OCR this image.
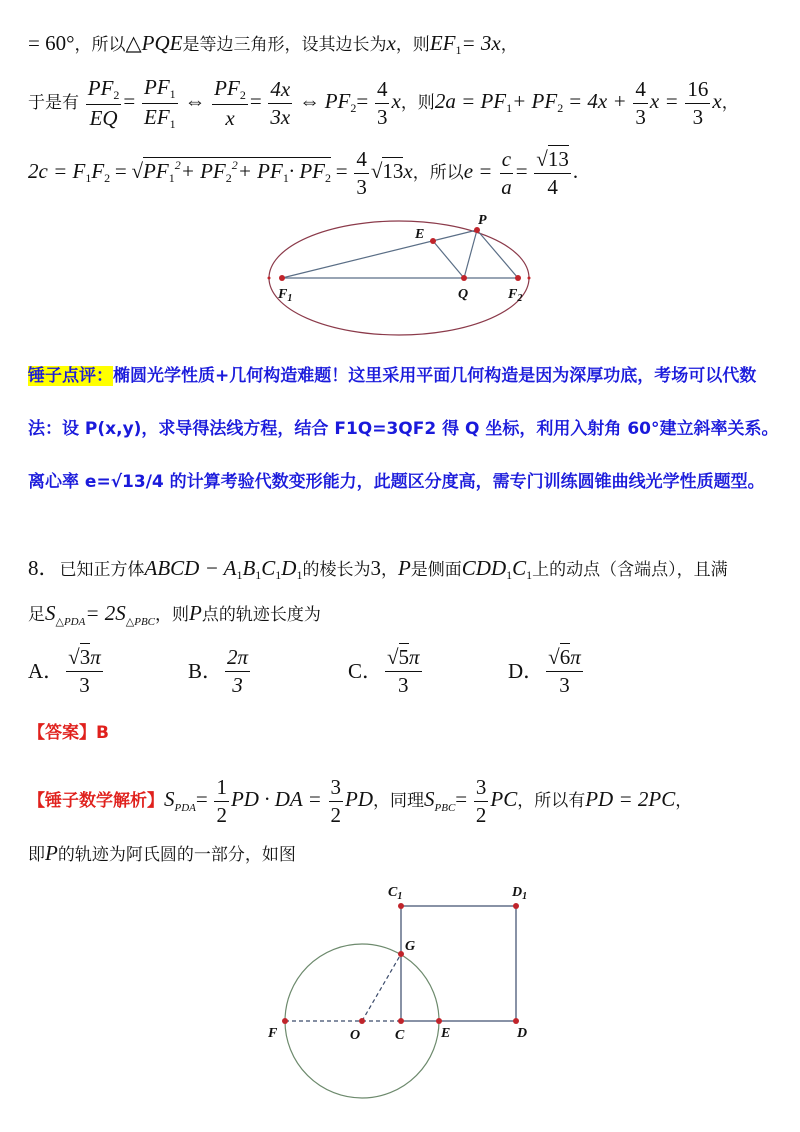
= 60°，所以△PQE是等边三角形，设其边长为x，则$EF_1= 3x$，
于是有 $\frac{PF_2}{EQ} = \frac{PF_1}{EF_1}$ ⇔ $\frac{PF_2}{x} = \frac{4x}{3x}$ ⇔ $PF_2= \frac{4}{3}$ x，则$2a = PF_1+ PF_2 = 4x + \frac{4}{3}$ $x = \frac{16}{3}$ x，
$2c = F_1F_2 = √PF_1^2+ PF_2^2+ PF_1\cdot PF_2 = \frac{4}{3} √13x$，所以$e = \frac{c}{a} = \frac{√13}{4}$ .
E
P
$F_1$	Q	$F_2$
锤子点评：椭圆光学性质+几何构造难题！这里采用平面几何构造是因为深厚功底，考场可以代数法：设 P(x,y)，求导得法线方程，结合 F1Q=3QF2 得 Q 坐标，利用入射角 60°建立斜率关系。离心率 e=√13/4 的计算考验代数变形能力，此题区分度高，需专门训练圆锥曲线光学性质题型。
8．已知正方体ABCD − $A_1B_1C_1D_1$的棱长为3，P是侧面$CDD_1C_1$上的动点（含端点），且满
足$S_{\triangle PDA}= 2S_{\triangle PBC}$，则P点的轨迹长度为
A． $\frac{√3\pi}{3}$	B． $\frac{2\pi}{3}$	C． $\frac{√5\pi}{3}$	D． $\frac{√6\pi}{3}$
【答案】B
【锤子数学解析】$S_{PDA}= \frac{1}{2}$ PD · DA = $\frac{3}{2}$ PD，同理$S_{PBC}= \frac{3}{2}$ PC，所以有PD = 2PC，
即P的轨迹为阿氏圆的一部分，如图
$C_1$	$D_1$
G
F	O C	E	D
